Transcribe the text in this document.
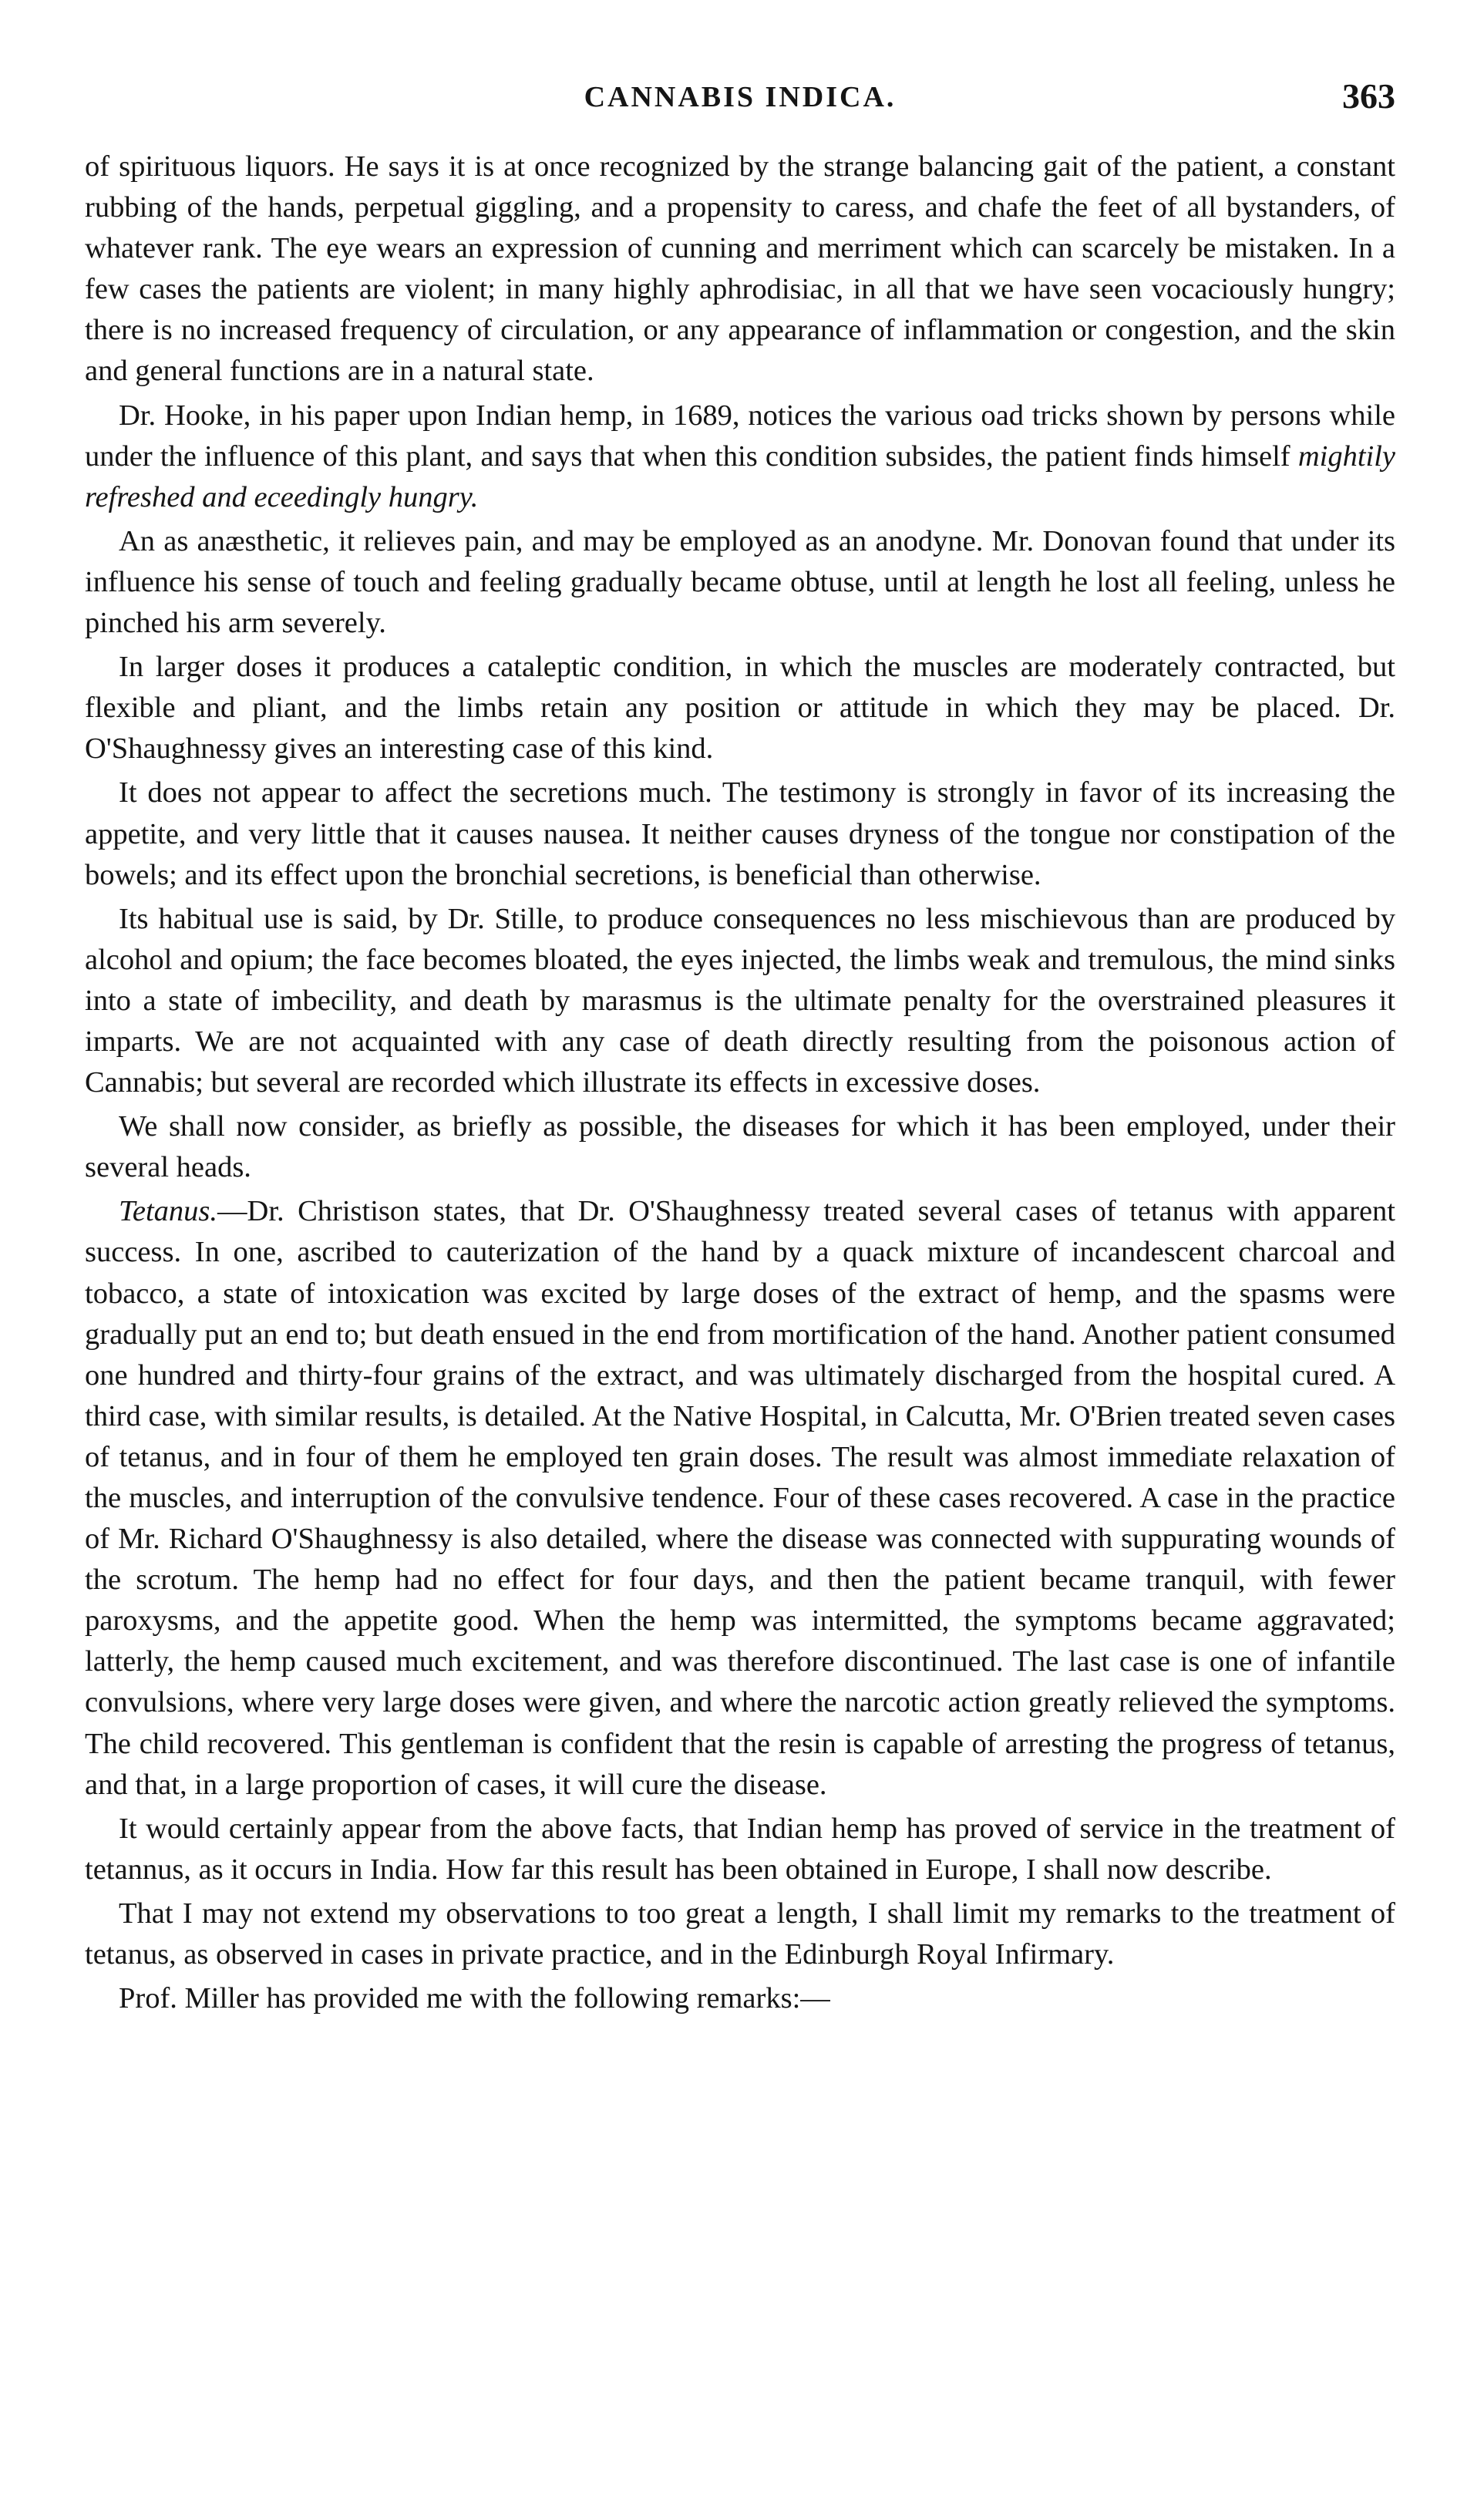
CANNABIS INDICA.	363

of spirituous liquors. He says it is at once recognized by the strange balancing gait of the patient, a constant rubbing of the hands, perpetual giggling, and a propensity to caress, and chafe the feet of all bystanders, of whatever rank. The eye wears an expression of cunning and merriment which can scarcely be mistaken. In a few cases the patients are violent; in many highly aphrodisiac, in all that we have seen vocaciously hungry; there is no increased frequency of circulation, or any appearance of inflammation or congestion, and the skin and general functions are in a natural state.

Dr. Hooke, in his paper upon Indian hemp, in 1689, notices the various oad tricks shown by persons while under the influence of this plant, and says that when this condition subsides, the patient finds himself mightily refreshed and eceedingly hungry.

An as anæsthetic, it relieves pain, and may be employed as an anodyne. Mr. Donovan found that under its influence his sense of touch and feeling gradually became obtuse, until at length he lost all feeling, unless he pinched his arm severely.

In larger doses it produces a cataleptic condition, in which the muscles are moderately contracted, but flexible and pliant, and the limbs retain any position or attitude in which they may be placed. Dr. O'Shaughnessy gives an interesting case of this kind.

It does not appear to affect the secretions much. The testimony is strongly in favor of its increasing the appetite, and very little that it causes nausea. It neither causes dryness of the tongue nor constipation of the bowels; and its effect upon the bronchial secretions, is beneficial than otherwise.

Its habitual use is said, by Dr. Stille, to produce consequences no less mischievous than are produced by alcohol and opium; the face becomes bloated, the eyes injected, the limbs weak and tremulous, the mind sinks into a state of imbecility, and death by marasmus is the ultimate penalty for the overstrained pleasures it imparts. We are not acquainted with any case of death directly resulting from the poisonous action of Cannabis; but several are recorded which illustrate its effects in excessive doses.

We shall now consider, as briefly as possible, the diseases for which it has been employed, under their several heads.

Tetanus.—Dr. Christison states, that Dr. O'Shaughnessy treated several cases of tetanus with apparent success. In one, ascribed to cauterization of the hand by a quack mixture of incandescent charcoal and tobacco, a state of intoxication was excited by large doses of the extract of hemp, and the spasms were gradually put an end to; but death ensued in the end from mortification of the hand. Another patient consumed one hundred and thirty-four grains of the extract, and was ultimately discharged from the hospital cured. A third case, with similar results, is detailed. At the Native Hospital, in Calcutta, Mr. O'Brien treated seven cases of tetanus, and in four of them he employed ten grain doses. The result was almost immediate relaxation of the muscles, and interruption of the convulsive tendence. Four of these cases recovered. A case in the practice of Mr. Richard O'Shaughnessy is also detailed, where the disease was connected with suppurating wounds of the scrotum. The hemp had no effect for four days, and then the patient became tranquil, with fewer paroxysms, and the appetite good. When the hemp was intermitted, the symptoms became aggravated; latterly, the hemp caused much excitement, and was therefore discontinued. The last case is one of infantile convulsions, where very large doses were given, and where the narcotic action greatly relieved the symptoms. The child recovered. This gentleman is confident that the resin is capable of arresting the progress of tetanus, and that, in a large proportion of cases, it will cure the disease.

It would certainly appear from the above facts, that Indian hemp has proved of service in the treatment of tetannus, as it occurs in India. How far this result has been obtained in Europe, I shall now describe.

That I may not extend my observations to too great a length, I shall limit my remarks to the treatment of tetanus, as observed in cases in private practice, and in the Edinburgh Royal Infirmary.

Prof. Miller has provided me with the following remarks:—
